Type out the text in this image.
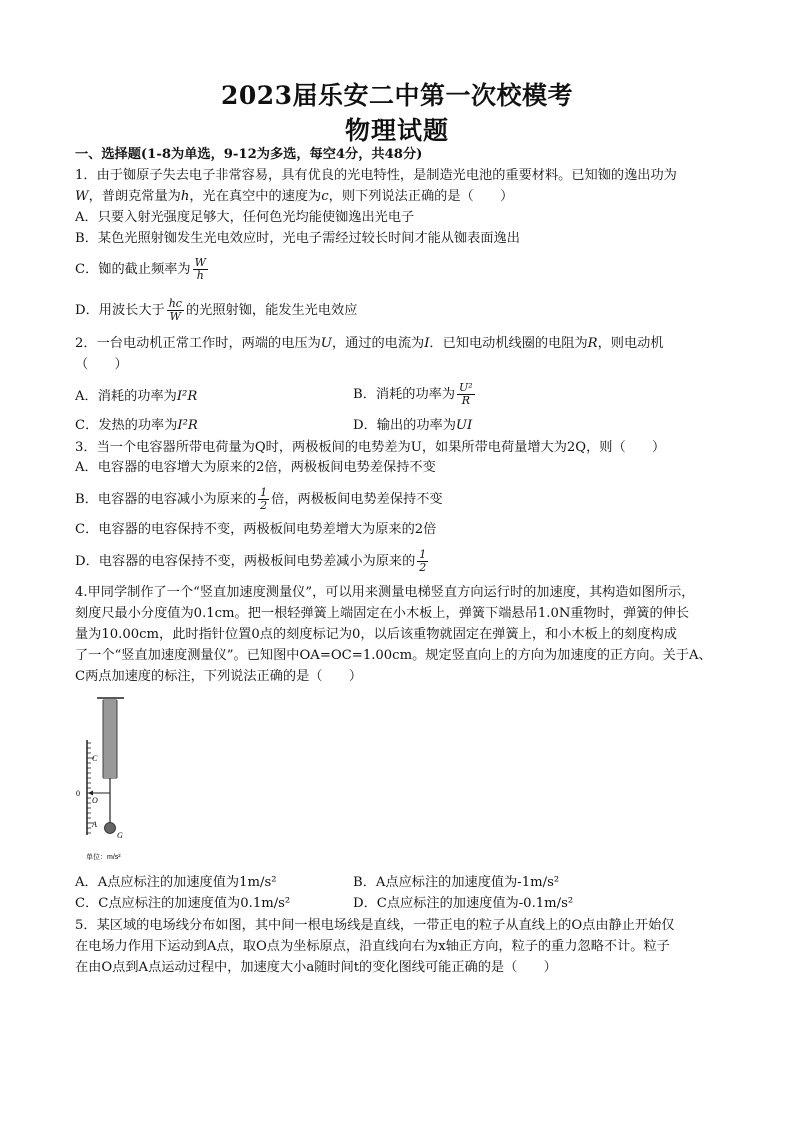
2023届乐安二中第一次校模考
物理试题
一、选择题(1-8为单选，9-12为多选，每空4分，共48分)
1．由于铷原子失去电子非常容易，具有优良的光电特性，是制造光电池的重要材料。已知铷的逸出功为
W，普朗克常量为h，光在真空中的速度为c，则下列说法正确的是（　　）
A．只要入射光强度足够大，任何色光均能使铷逸出光电子
B．某色光照射铷发生光电效应时，光电子需经过较长时间才能从铷表面逸出
C．铷的截止频率为 $\frac{W}{h}$
D．用波长大于 $\frac{hc}{W}$ 的光照射铷，能发生光电效应
2．一台电动机正常工作时，两端的电压为U，通过的电流为I．已知电动机线圈的电阻为R，则电动机
（　　）
A．消耗的功率为I²R	B．消耗的功率为 $\frac{\text{U²}}{R}$
C．发热的功率为I²R	D．输出的功率为UI
3．当一个电容器所带电荷量为Q时，两极板间的电势差为U，如果所带电荷量增大为2Q，则（　　）
A．电容器的电容增大为原来的2倍，两极板间电势差保持不变
B．电容器的电容减小为原来的 $\frac{1}{2}$ 倍，两极板间电势差保持不变
C．电容器的电容保持不变，两极板间电势差增大为原来的2倍
D．电容器的电容保持不变，两极板间电势差减小为原来的 $\frac{1}{2}$
4.甲同学制作了一个“竖直加速度测量仪”，可以用来测量电梯竖直方向运行时的加速度，其构造如图所示，
刻度尺最小分度值为0.1cm。把一根轻弹簧上端固定在小木板上，弹簧下端悬吊1.0N重物时，弹簧的伸长
量为10.00cm，此时指针位置0点的刻度标记为0，以后该重物就固定在弹簧上，和小木板上的刻度构成
了一个“竖直加速度测量仪”。已知图中OA=OC=1.00cm。规定竖直向上的方向为加速度的正方向。关于A、
C两点加速度的标注，下列说法正确的是（　　）
C
0
O
A
G
单位：m/s²
A．A点应标注的加速度值为1m/s²	B．A点应标注的加速度值为-1m/s²
C．C点应标注的加速度值为0.1m/s²	D．C点应标注的加速度值为-0.1m/s²
5．某区域的电场线分布如图，其中间一根电场线是直线，一带正电的粒子从直线上的O点由静止开始仅
在电场力作用下运动到A点，取O点为坐标原点，沿直线向右为x轴正方向，粒子的重力忽略不计。粒子
在由O点到A点运动过程中，加速度大小a随时间t的变化图线可能正确的是（　　）
